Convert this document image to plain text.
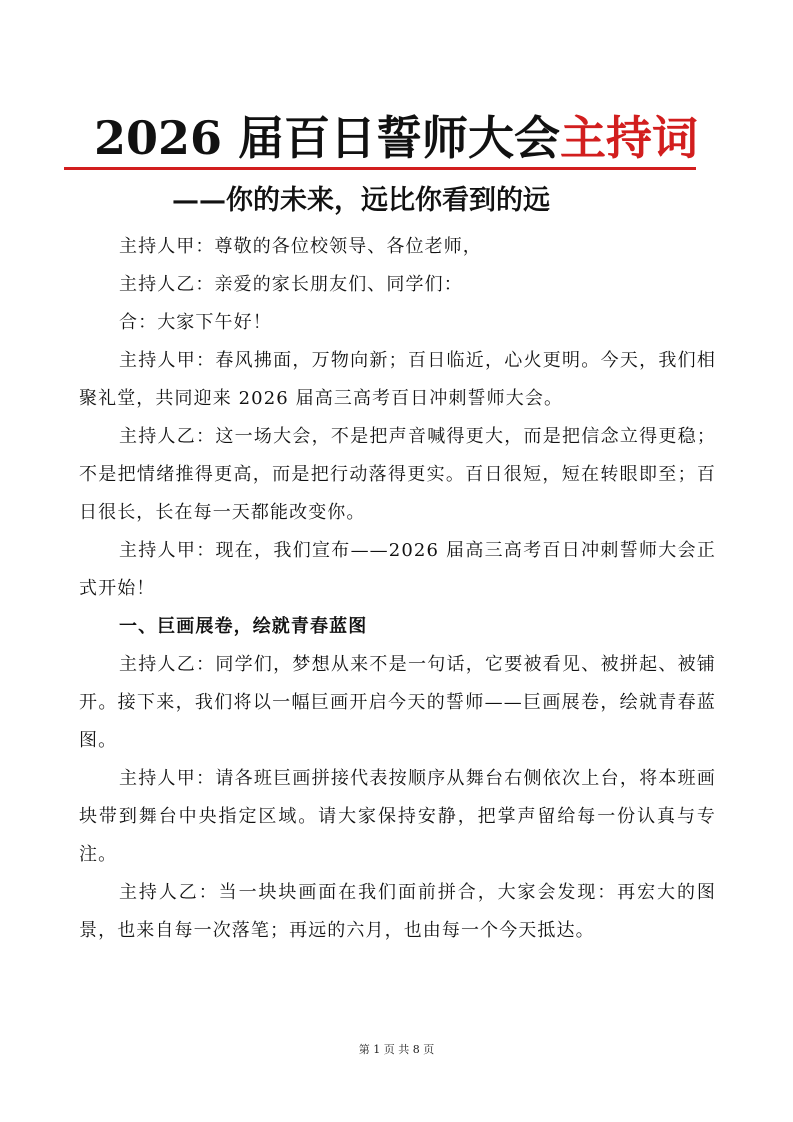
2026 届百日誓师大会主持词
——你的未来，远比你看到的远

主持人甲：尊敬的各位校领导、各位老师，

主持人乙：亲爱的家长朋友们、同学们：

合：大家下午好！

主持人甲：春风拂面，万物向新；百日临近，心火更明。今天，我们相聚礼堂，共同迎来 2026 届高三高考百日冲刺誓师大会。

主持人乙：这一场大会，不是把声音喊得更大，而是把信念立得更稳；不是把情绪推得更高，而是把行动落得更实。百日很短，短在转眼即至；百日很长，长在每一天都能改变你。

主持人甲：现在，我们宣布——2026 届高三高考百日冲刺誓师大会正式开始！

一、巨画展卷，绘就青春蓝图

主持人乙：同学们，梦想从来不是一句话，它要被看见、被拼起、被铺开。接下来，我们将以一幅巨画开启今天的誓师——巨画展卷，绘就青春蓝图。

主持人甲：请各班巨画拼接代表按顺序从舞台右侧依次上台，将本班画块带到舞台中央指定区域。请大家保持安静，把掌声留给每一份认真与专注。

主持人乙：当一块块画面在我们面前拼合，大家会发现：再宏大的图景，也来自每一次落笔；再远的六月，也由每一个今天抵达。

第 1 页 共 8 页
